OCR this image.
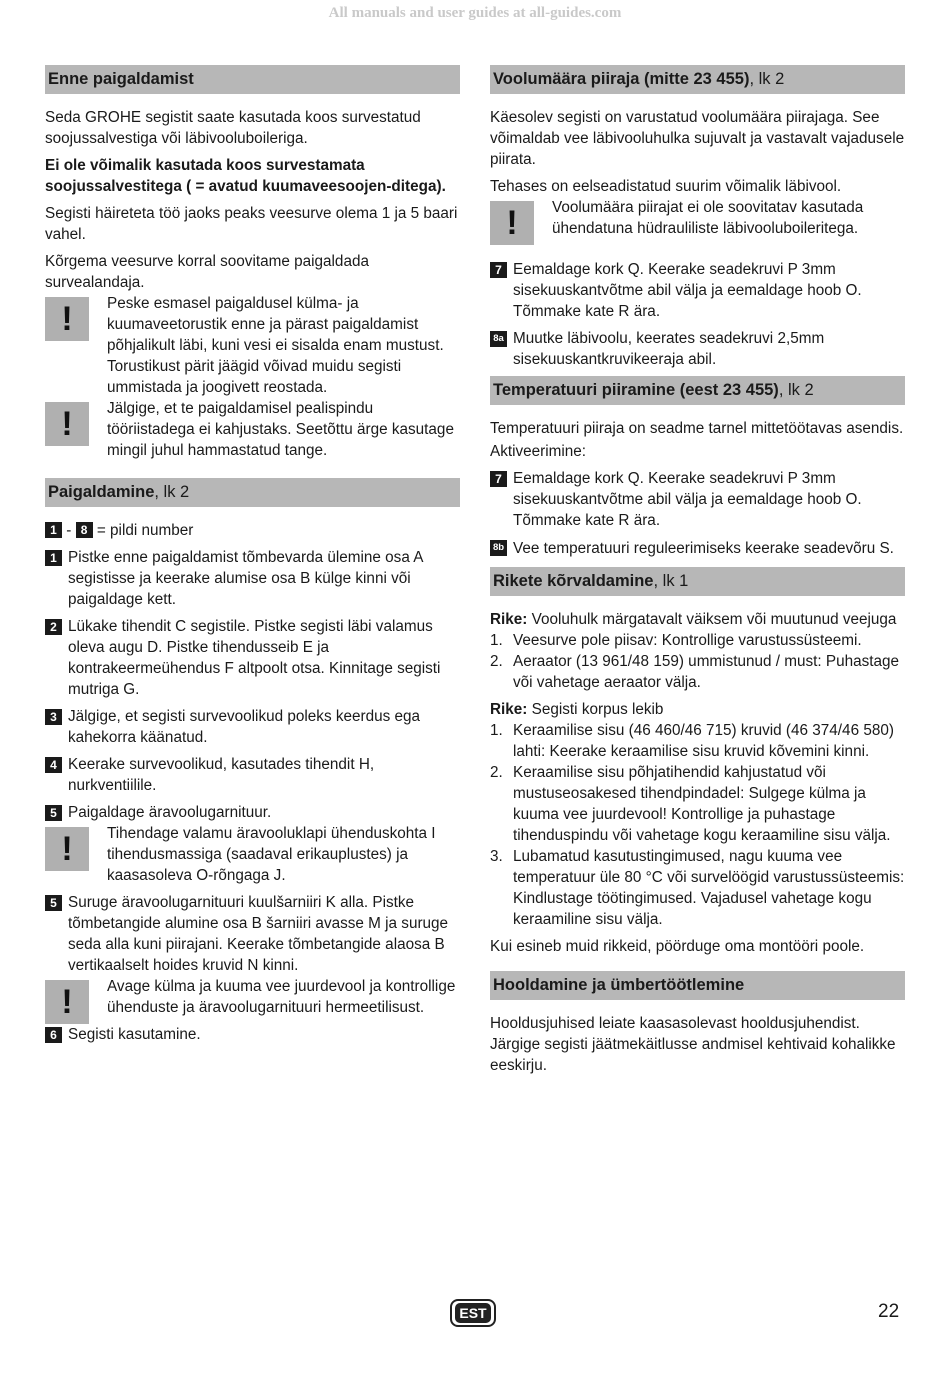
All manuals and user guides at all-guides.com
Enne paigaldamist

Seda GROHE segistit saate kasutada koos survestatud soojussalvestiga või läbivooluboileriga.

Ei ole võimalik kasutada koos survestamata soojussalvestitega ( = avatud kuumaveesoojen-ditega).

Segisti häireteta töö jaoks peaks veesurve olema 1 ja 5 baari vahel.

Kõrgema veesurve korral soovitame paigaldada survealandaja.

!	Peske esmasel paigaldusel külma- ja kuumaveetorustik enne ja pärast paigaldamist põhjalikult läbi, kuni vesi ei sisalda enam mustust. Torustikust pärit jäägid võivad muidu segisti ummistada ja joogivett reostada.
!	Jälgige, et te paigaldamisel pealispindu tööriistadega ei kahjustaks. Seetõttu ärge kasutage mingil juhul hammastatud tange.
Paigaldamine, lk 2

1 - 8 = pildi number

1 Pistke enne paigaldamist tõmbevarda ülemine osa A segistisse ja keerake alumise osa B külge kinni või paigaldage kett.
2 Lükake tihendit C segistile. Pistke segisti läbi valamus oleva augu D. Pistke tihendusseib E ja kontrakeermeühendus F altpoolt otsa. Kinnitage segisti mutriga G.
3 Jälgige, et segisti survevoolikud poleks keerdus ega kahekorra käänatud.
4 Keerake survevoolikud, kasutades tihendit H, nurkventiilile.
5 Paigaldage äravoolugarnituur.
!	Tihendage valamu äravooluklapi ühenduskohta I tihendusmassiga (saadaval erikauplustes) ja kaasasoleva O-rõngaga J.
5 Suruge äravoolugarnituuri kuulšarniiri K alla. Pistke tõmbetangide alumine osa B šarniiri avasse M ja suruge seda alla kuni piirajani. Keerake tõmbetangide alaosa B vertikaalselt hoides kruvid N kinni.
!	Avage külma ja kuuma vee juurdevool ja kontrollige ühenduste ja äravoolugarnituuri hermeetilisust.
6 Segisti kasutamine.
Voolumäära piiraja (mitte 23 455), lk 2

Käesolev segisti on varustatud voolumäära piirajaga. See võimaldab vee läbivooluhulka sujuvalt ja vastavalt vajadusele piirata.

Tehases on eelseadistatud suurim võimalik läbivool.

!	Voolumäära piirajat ei ole soovitatav kasutada ühendatuna hüdrauliliste läbivooluboileritega.
7 Eemaldage kork Q. Keerake seadekruvi P 3mm sisekuuskantvõtme abil välja ja eemaldage hoob O. Tõmmake kate R ära.
8a Muutke läbivoolu, keerates seadekruvi 2,5mm sisekuuskantkruvikeeraja abil.
Temperatuuri piiramine (eest 23 455), lk 2

Temperatuuri piiraja on seadme tarnel mittetöötavas asendis.

Aktiveerimine:

7 Eemaldage kork Q. Keerake seadekruvi P 3mm sisekuuskantvõtme abil välja ja eemaldage hoob O. Tõmmake kate R ära.
8b Vee temperatuuri reguleerimiseks keerake seadevõru S.
Rikete kõrvaldamine, lk 1

Rike: Vooluhulk märgatavalt väiksem või muutunud veejuga

1. Veesurve pole piisav: Kontrollige varustussüsteemi.
2. Aeraator (13 961/48 159) ummistunud / must: Puhastage või vahetage aeraator välja.

Rike: Segisti korpus lekib

1. Keraamilise sisu (46 460/46 715) kruvid (46 374/46 580) lahti: Keerake keraamilise sisu kruvid kõvemini kinni.
2. Keraamilise sisu põhjatihendid kahjustatud või mustuseosakesed tihendpindadel: Sulgege külma ja kuuma vee juurdevool! Kontrollige ja puhastage tihenduspindu või vahetage kogu keraamiline sisu välja.
3. Lubamatud kasutustingimused, nagu kuuma vee temperatuur üle 80 °C või survelöögid varustussüsteemis: Kindlustage töötingimused. Vajadusel vahetage kogu keraamiline sisu välja.

Kui esineb muid rikkeid, pöörduge oma montööri poole.

Hooldamine ja ümbertöötlemine

Hooldusjuhised leiate kaasasolevast hooldusjuhendist. Järgige segisti jäätmekäitlusse andmisel kehtivaid kohalikke eeskirju.

EST	22
